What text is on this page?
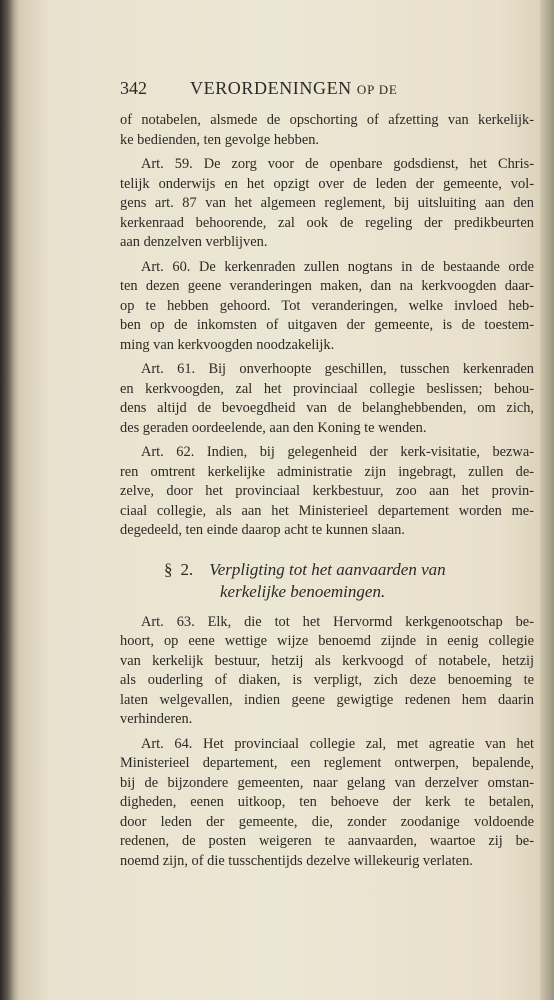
342	VERORDENINGEN OP DE
of notabelen, alsmede de opschorting of afzetting van kerkelijk-
ke bedienden, ten gevolge hebben.
Art. 59. De zorg voor de openbare godsdienst, het Chris-
telijk onderwijs en het opzigt over de leden der gemeente, vol-
gens art. 87 van het algemeen reglement, bij uitsluiting aan den
kerkenraad behoorende, zal ook de regeling der predikbeurten
aan denzelven verblijven.
Art. 60. De kerkenraden zullen nogtans in de bestaande orde
ten dezen geene veranderingen maken, dan na kerkvoogden daar-
op te hebben gehoord. Tot veranderingen, welke invloed heb-
ben op de inkomsten of uitgaven der gemeente, is de toestem-
ming van kerkvoogden noodzakelijk.
Art. 61. Bij onverhoopte geschillen, tusschen kerkenraden
en kerkvoogden, zal het provinciaal collegie beslissen; behou-
dens altijd de bevoegdheid van de belanghebbenden, om zich,
des geraden oordeelende, aan den Koning te wenden.
Art. 62. Indien, bij gelegenheid der kerk-visitatie, bezwa-
ren omtrent kerkelijke administratie zijn ingebragt, zullen de-
zelve, door het provinciaal kerkbestuur, zoo aan het provin-
ciaal collegie, als aan het Ministerieel departement worden me-
degedeeld, ten einde daarop acht te kunnen slaan.
§ 2. Verpligting tot het aanvaarden van
kerkelijke benoemingen.
Art. 63. Elk, die tot het Hervormd kerkgenootschap be-
hoort, op eene wettige wijze benoemd zijnde in eenig collegie
van kerkelijk bestuur, hetzij als kerkvoogd of notabele, hetzij
als ouderling of diaken, is verpligt, zich deze benoeming te
laten welgevallen, indien geene gewigtige redenen hem daarin
verhinderen.
Art. 64. Het provinciaal collegie zal, met agreatie van het
Ministerieel departement, een reglement ontwerpen, bepalende,
bij de bijzondere gemeenten, naar gelang van derzelver omstan-
digheden, eenen uitkoop, ten behoeve der kerk te betalen,
door leden der gemeente, die, zonder zoodanige voldoende
redenen, de posten weigeren te aanvaarden, waartoe zij be-
noemd zijn, of die tusschentijds dezelve willekeurig verlaten.
